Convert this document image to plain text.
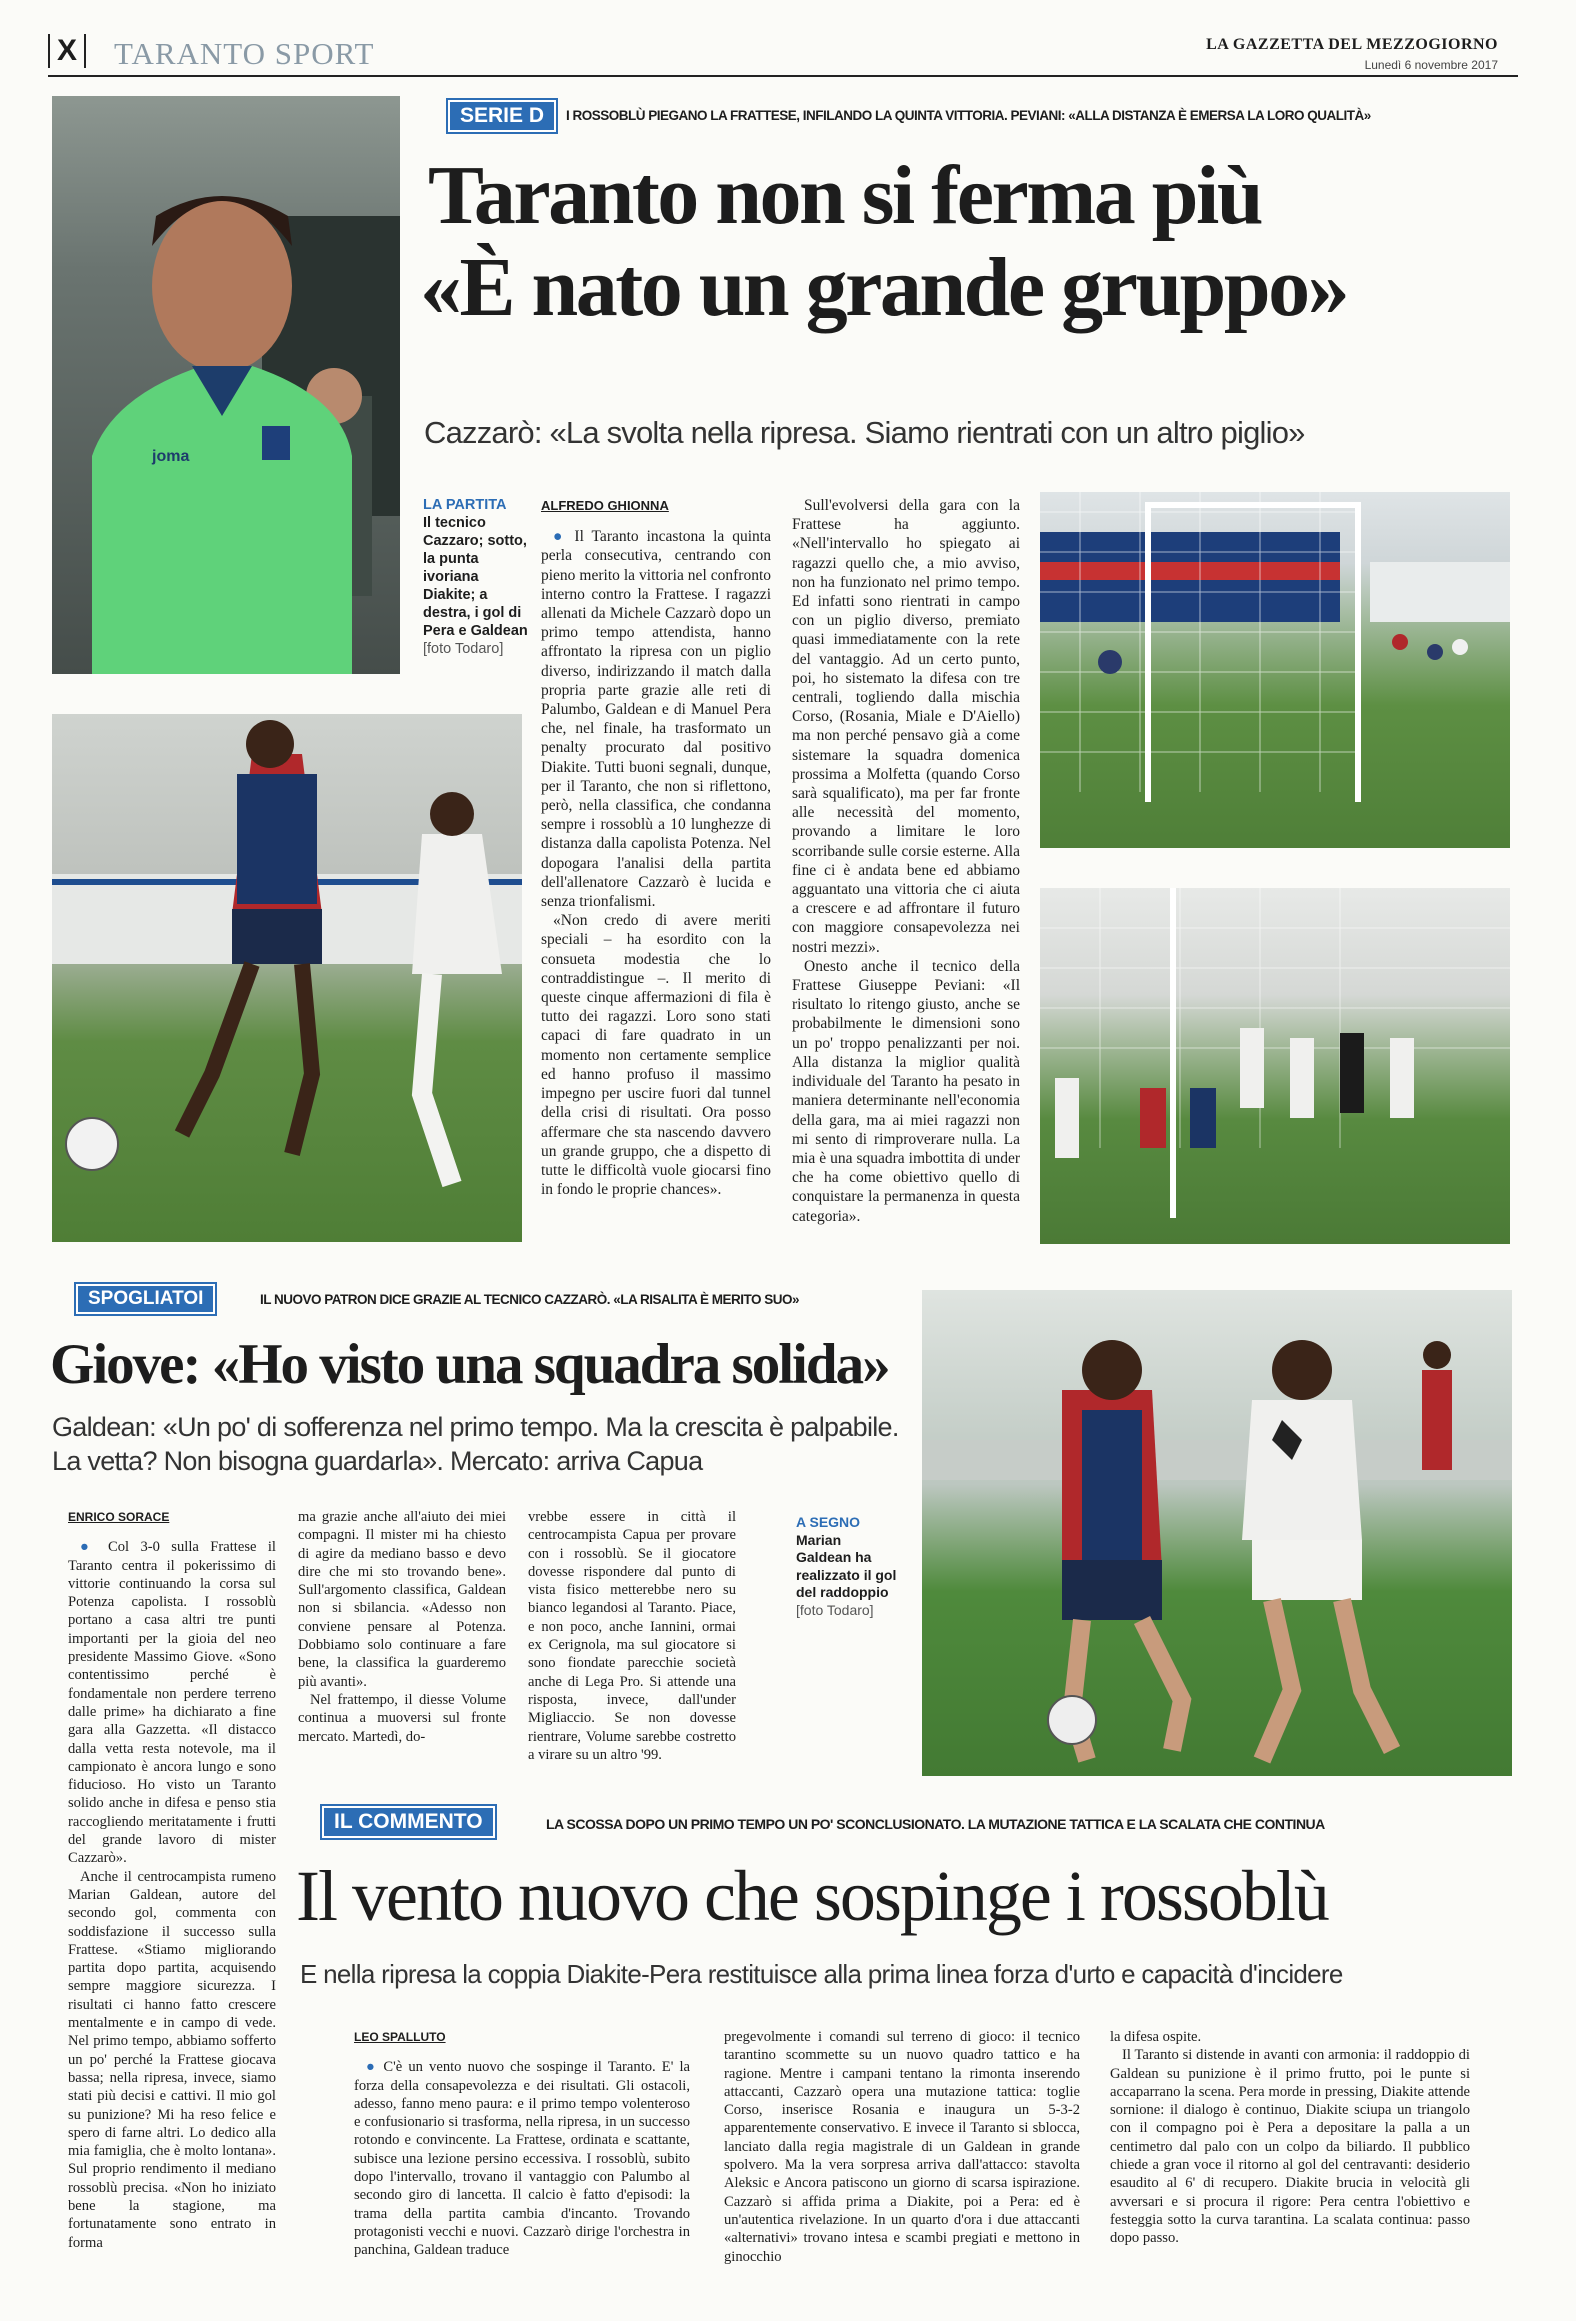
X TARANTO SPORT	LA GAZZETTA DEL MEZZOGIORNO
Lunedì 6 novembre 2017
joma
SERIE D I ROSSOBLÙ PIEGANO LA FRATTESE, INFILANDO LA QUINTA VITTORIA. PEVIANI: «ALLA DISTANZA È EMERSA LA LORO QUALITÀ»
Taranto non si ferma più
«È nato un grande gruppo»
Cazzarò: «La svolta nella ripresa. Siamo rientrati con un altro piglio»
LA PARTITA
Il tecnico Cazzaro; sotto, la punta ivoriana Diakite; a destra, i gol di Pera e Galdean
[foto Todaro]
ALFREDO GHIONNA

● Il Taranto incastona la quinta perla consecutiva, centrando con pieno merito la vittoria nel confronto interno contro la Frattese. I ragazzi allenati da Michele Cazzarò dopo un primo tempo attendista, hanno affrontato la ripresa con un piglio diverso, indirizzando il match dalla propria parte grazie alle reti di Palumbo, Galdean e di Manuel Pera che, nel finale, ha trasformato un penalty procurato dal positivo Diakite. Tutti buoni segnali, dunque, per il Taranto, che non si riflettono, però, nella classifica, che condanna sempre i rossoblù a 10 lunghezze di distanza dalla capolista Potenza. Nel dopogara l'analisi della partita dell'allenatore Cazzarò è lucida e senza trionfalismi.

«Non credo di avere meriti speciali – ha esordito con la consueta modestia che lo contraddistingue –. Il merito di queste cinque affermazioni di fila è tutto dei ragazzi. Loro sono stati capaci di fare quadrato in un momento non certamente semplice ed hanno profuso il massimo impegno per uscire fuori dal tunnel della crisi di risultati. Ora posso affermare che sta nascendo davvero un grande gruppo, che a dispetto di tutte le difficoltà vuole giocarsi fino in fondo le proprie chances».

Sull'evolversi della gara con la Frattese ha aggiunto. «Nell'intervallo ho spiegato ai ragazzi quello che, a mio avviso, non ha funzionato nel primo tempo. Ed infatti sono rientrati in campo con un piglio diverso, premiato quasi immediatamente con la rete del vantaggio. Ad un certo punto, poi, ho sistemato la difesa con tre centrali, togliendo dalla mischia Corso, (Rosania, Miale e D'Aiello) ma non perché pensavo già a come sistemare la squadra domenica prossima a Molfetta (quando Corso sarà squalificato), ma per far fronte alle necessità del momento, provando a limitare le loro scorribande sulle corsie esterne. Alla fine ci è andata bene ed abbiamo agguantato una vittoria che ci aiuta a crescere e ad affrontare il futuro con maggiore consapevolezza nei nostri mezzi».

Onesto anche il tecnico della Frattese Giuseppe Peviani: «Il risultato lo ritengo giusto, anche se probabilmente le dimensioni sono un po' troppo penalizzanti per noi. Alla distanza la miglior qualità individuale del Taranto ha pesato in maniera determinante nell'economia della gara, ma ai miei ragazzi non mi sento di rimproverare nulla. La mia è una squadra imbottita di under che ha come obiettivo quello di conquistare la permanenza in questa categoria».

SPOGLIATOI	IL NUOVO PATRON DICE GRAZIE AL TECNICO CAZZARÒ. «LA RISALITA È MERITO SUO»
Giove: «Ho visto una squadra solida»
Galdean: «Un po' di sofferenza nel primo tempo. Ma la crescita è palpabile. La vetta? Non bisogna guardarla». Mercato: arriva Capua
ENRICO SORACE

● Col 3-0 sulla Frattese il Taranto centra il pokerissimo di vittorie continuando la corsa sul Potenza capolista. I rossoblù portano a casa altri tre punti importanti per la gioia del neo presidente Massimo Giove. «Sono contentissimo perché è fondamentale non perdere terreno dalle prime» ha dichiarato a fine gara alla Gazzetta. «Il distacco dalla vetta resta notevole, ma il campionato è ancora lungo e sono fiducioso. Ho visto un Taranto solido anche in difesa e penso stia raccogliendo meritatamente i frutti del grande lavoro di mister Cazzarò».

Anche il centrocampista rumeno Marian Galdean, autore del secondo gol, commenta con soddisfazione il successo sulla Frattese. «Stiamo migliorando partita dopo partita, acquisendo sempre maggiore sicurezza. I risultati ci hanno fatto crescere mentalmente e in campo di vede. Nel primo tempo, abbiamo sofferto un po' perché la Frattese giocava bassa; nella ripresa, invece, siamo stati più decisi e cattivi. Il mio gol su punizione? Mi ha reso felice e spero di farne altri. Lo dedico alla mia famiglia, che è molto lontana». Sul proprio rendimento il mediano rossoblù precisa. «Non ho iniziato bene la stagione, ma fortunatamente sono entrato in forma

ma grazie anche all'aiuto dei miei compagni. Il mister mi ha chiesto di agire da mediano basso e devo dire che mi sto trovando bene». Sull'argomento classifica, Galdean non si sbilancia. «Adesso non conviene pensare al Potenza. Dobbiamo solo continuare a fare bene, la classifica la guarderemo più avanti».

Nel frattempo, il diesse Volume continua a muoversi sul fronte mercato. Martedì, do-

vrebbe essere in città il centrocampista Capua per provare con i rossoblù. Se il giocatore dovesse rispondere dal punto di vista fisico metterebbe nero su bianco legandosi al Taranto. Piace, e non poco, anche Iannini, ormai ex Cerignola, ma sul giocatore si sono fiondate parecchie società anche di Lega Pro. Si attende una risposta, invece, dall'under Migliaccio. Se non dovesse rientrare, Volume sarebbe costretto a virare su un altro '99.

A SEGNO
Marian Galdean ha realizzato il gol del raddoppio
[foto Todaro]
IL COMMENTO	LA SCOSSA DOPO UN PRIMO TEMPO UN PO' SCONCLUSIONATO. LA MUTAZIONE TATTICA E LA SCALATA CHE CONTINUA
Il vento nuovo che sospinge i rossoblù
E nella ripresa la coppia Diakite-Pera restituisce alla prima linea forza d'urto e capacità d'incidere
LEO SPALLUTO

● C'è un vento nuovo che sospinge il Taranto. E' la forza della consapevolezza e dei risultati. Gli ostacoli, adesso, fanno meno paura: e il primo tempo volenteroso e confusionario si trasforma, nella ripresa, in un successo rotondo e convincente. La Frattese, ordinata e scattante, subisce una lezione persino eccessiva. I rossoblù, subito dopo l'intervallo, trovano il vantaggio con Palumbo al secondo giro di lancetta. Il calcio è fatto d'episodi: la trama della partita cambia d'incanto. Trovando protagonisti vecchi e nuovi. Cazzarò dirige l'orchestra in panchina, Galdean traduce

pregevolmente i comandi sul terreno di gioco: il tecnico tarantino scommette su un nuovo quadro tattico e ha ragione. Mentre i campani tentano la rimonta inserendo attaccanti, Cazzarò opera una mutazione tattica: toglie Corso, inserisce Rosania e inaugura un 5-3-2 apparentemente conservativo. E invece il Taranto si sblocca, lanciato dalla regia magistrale di un Galdean in grande spolvero. Ma la vera sorpresa arriva dall'attacco: stavolta Aleksic e Ancora patiscono un giorno di scarsa ispirazione. Cazzarò si affida prima a Diakite, poi a Pera: ed è un'autentica rivelazione. In un quarto d'ora i due attaccanti «alternativi» trovano intesa e scambi pregiati e mettono in ginocchio

la difesa ospite.

Il Taranto si distende in avanti con armonia: il raddoppio di Galdean su punizione è il primo frutto, poi le punte si accaparrano la scena. Pera morde in pressing, Diakite attende sornione: il dialogo è continuo, Diakite sciupa un triangolo con il compagno poi è Pera a depositare la palla a un centimetro dal palo con un colpo da biliardo. Il pubblico chiede a gran voce il ritorno al gol del centravanti: desiderio esaudito al 6' di recupero. Diakite brucia in velocità gli avversari e si procura il rigore: Pera centra l'obiettivo e festeggia sotto la curva tarantina. La scalata continua: passo dopo passo.
